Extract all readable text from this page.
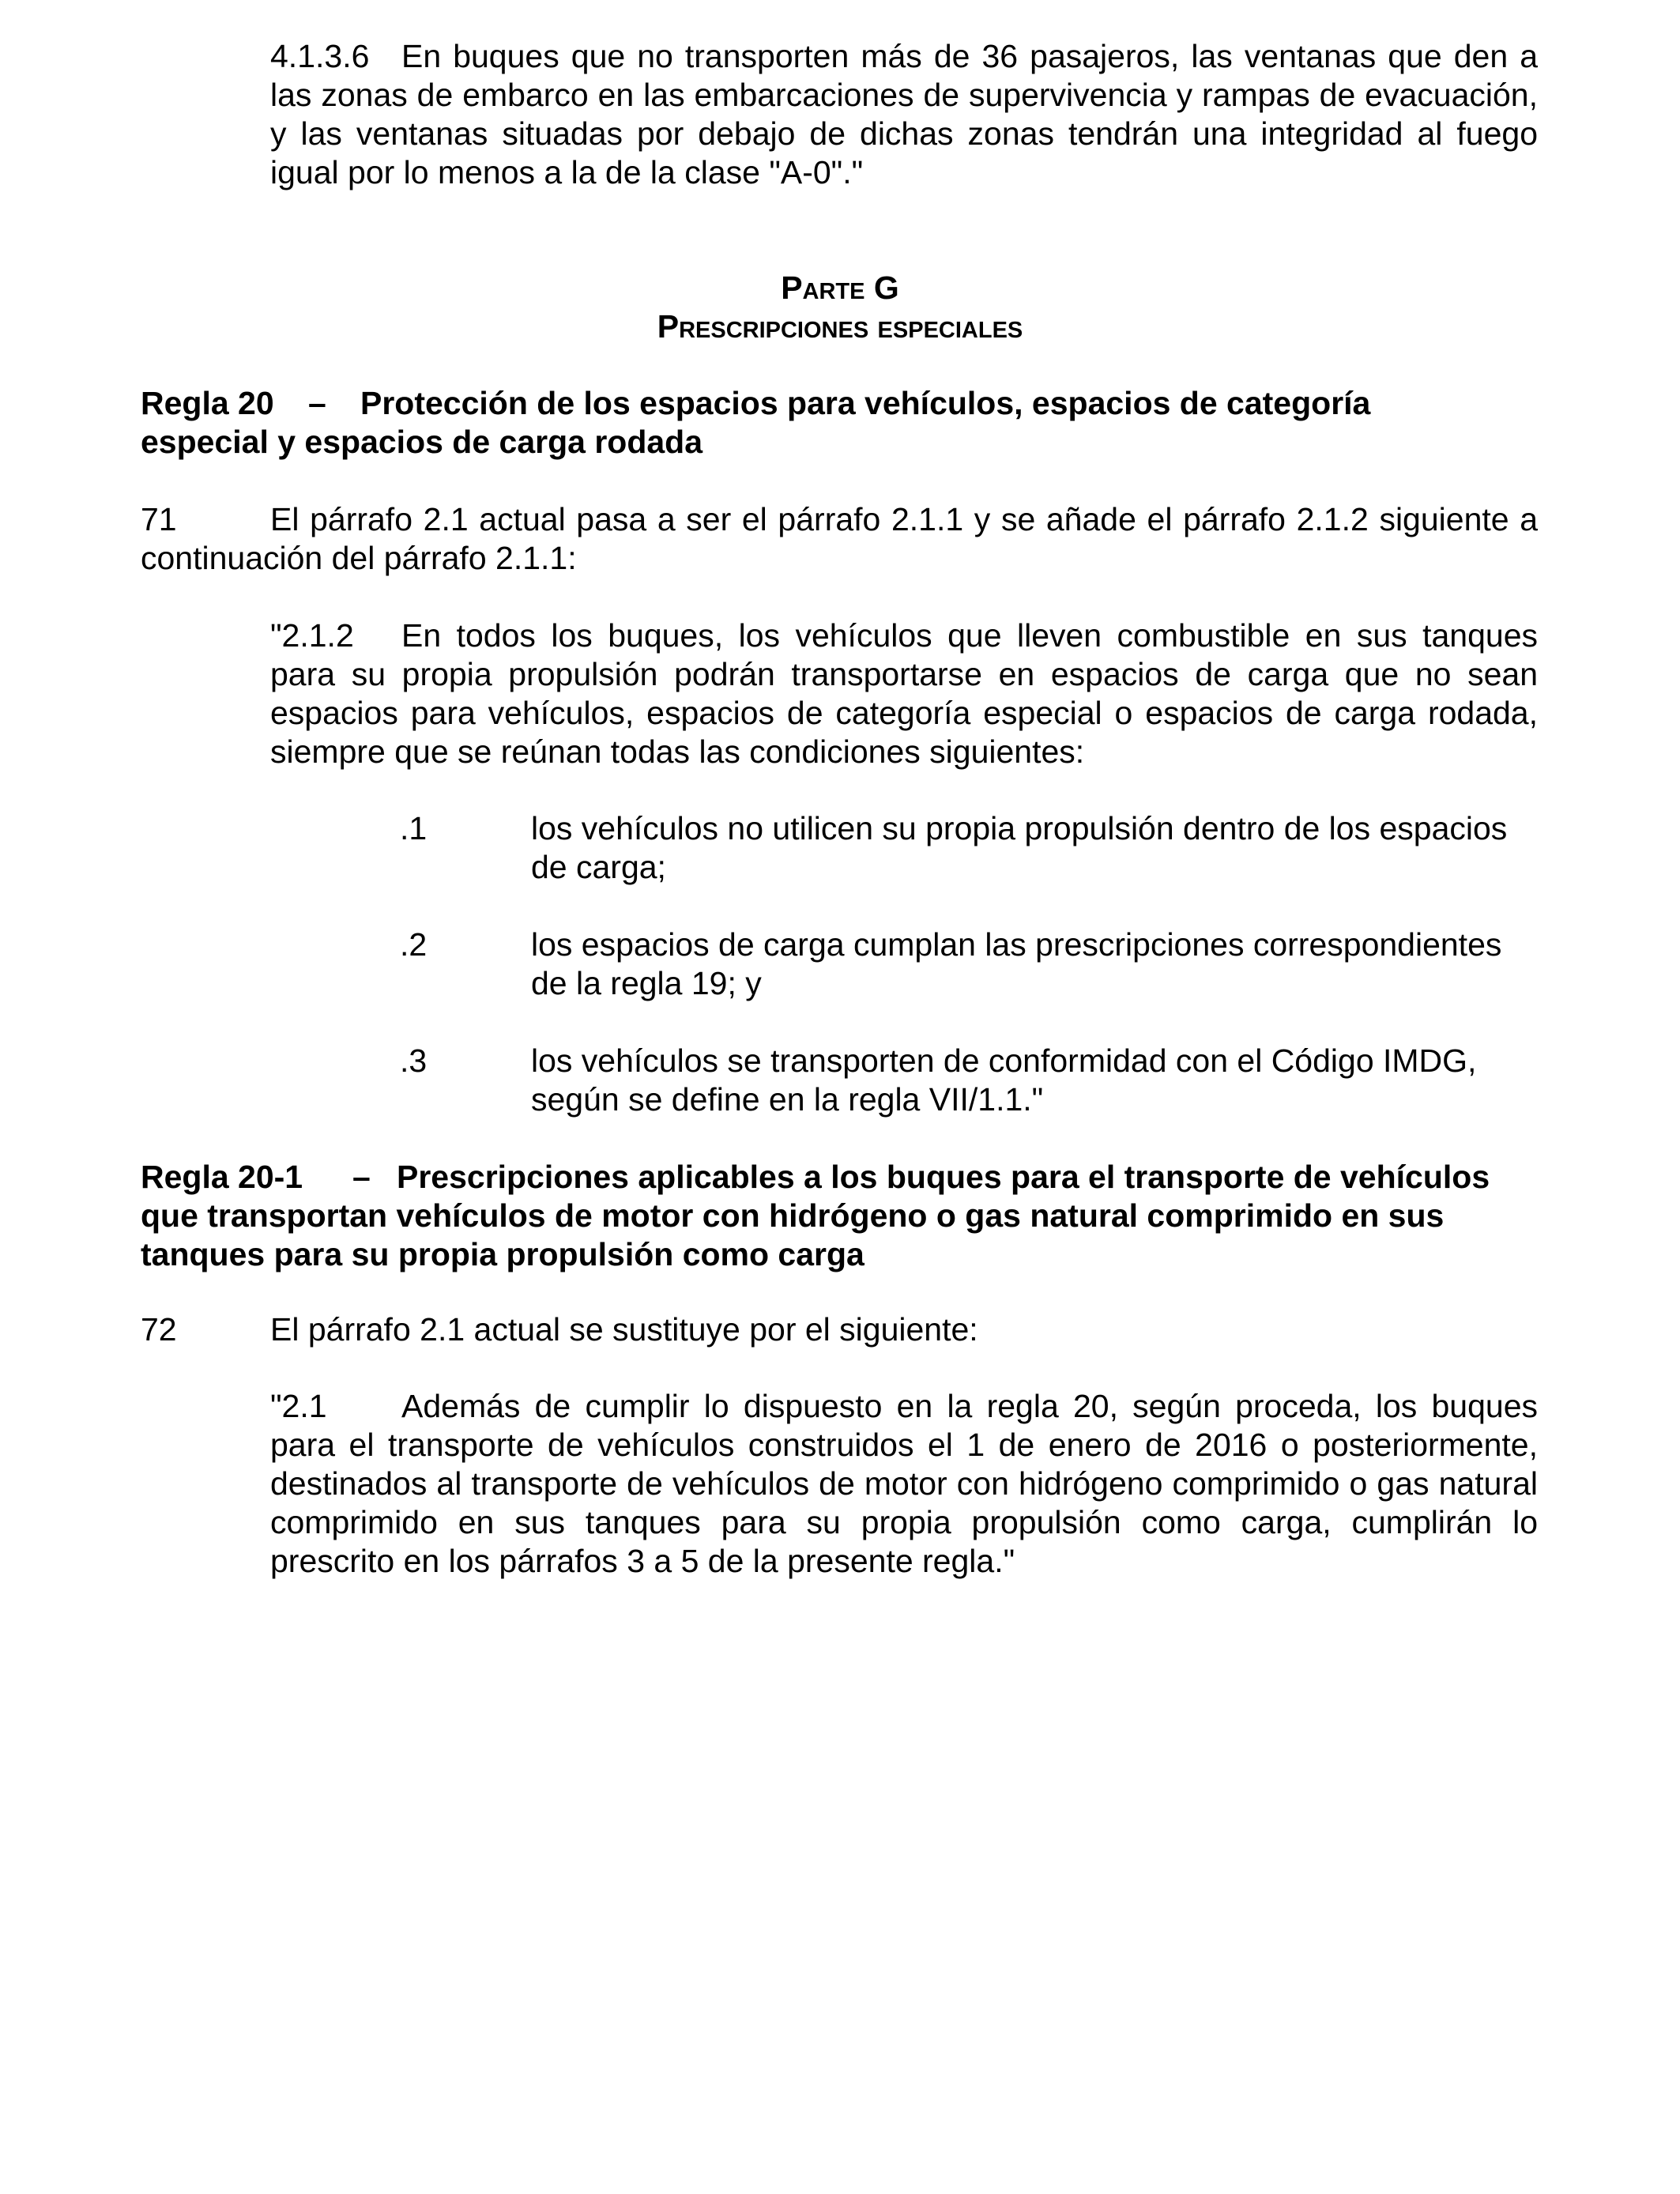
4.1.3.6 En buques que no transporten más de 36 pasajeros, las ventanas que den a las zonas de embarco en las embarcaciones de supervivencia y rampas de evacuación, y las ventanas situadas por debajo de dichas zonas tendrán una integridad al fuego igual por lo menos a la de la clase "A-0"."
Parte G
Prescripciones especiales
Regla 20 – Protección de los espacios para vehículos, espacios de categoría
especial y espacios de carga rodada
71	El párrafo 2.1 actual pasa a ser el párrafo 2.1.1 y se añade el párrafo 2.1.2 siguiente a continuación del párrafo 2.1.1:
"2.1.2 En todos los buques, los vehículos que lleven combustible en sus tanques para su propia propulsión podrán transportarse en espacios de carga que no sean espacios para vehículos, espacios de categoría especial o espacios de carga rodada, siempre que se reúnan todas las condiciones siguientes:
.1	los vehículos no utilicen su propia propulsión dentro de los espacios de carga;
.2	los espacios de carga cumplan las prescripciones correspondientes de la regla 19; y
.3	los vehículos se transporten de conformidad con el Código IMDG, según se define en la regla VII/1.1."
Regla 20-1 – Prescripciones aplicables a los buques para el transporte de vehículos
que transportan vehículos de motor con hidrógeno o gas natural comprimido en sus
tanques para su propia propulsión como carga
72	El párrafo 2.1 actual se sustituye por el siguiente:
"2.1 Además de cumplir lo dispuesto en la regla 20, según proceda, los buques para el transporte de vehículos construidos el 1 de enero de 2016 o posteriormente, destinados al transporte de vehículos de motor con hidrógeno comprimido o gas natural comprimido en sus tanques para su propia propulsión como carga, cumplirán lo prescrito en los párrafos 3 a 5 de la presente regla."
